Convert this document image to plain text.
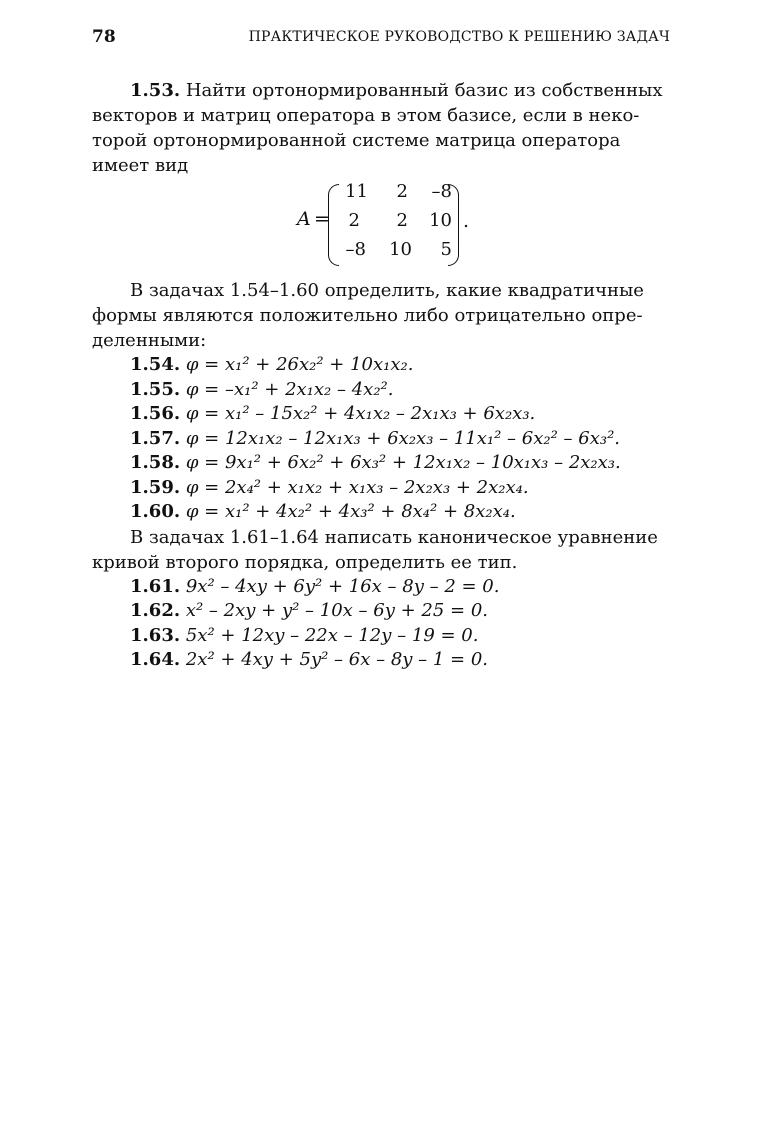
78	ПРАКТИЧЕСКОЕ РУКОВОДСТВО К РЕШЕНИЮ ЗАДАЧ

1.53. Найти ортонормированный базис из собственных
векторов и матриц оператора в этом базисе, если в неко-
торой ортонормированной системе матрица оператора
имеет вид

A =
11	2	–8
2	2	10
–8	10	5
.

В задачах 1.54–1.60 определить, какие квадратичные
формы являются положительно либо отрицательно опре-
деленными:

1.54. φ = x₁² + 26x₂² + 10x₁x₂.

1.55. φ = –x₁² + 2x₁x₂ – 4x₂².

1.56. φ = x₁² – 15x₂² + 4x₁x₂ – 2x₁x₃ + 6x₂x₃.

1.57. φ = 12x₁x₂ – 12x₁x₃ + 6x₂x₃ – 11x₁² – 6x₂² – 6x₃².

1.58. φ = 9x₁² + 6x₂² + 6x₃² + 12x₁x₂ – 10x₁x₃ – 2x₂x₃.

1.59. φ = 2x₄² + x₁x₂ + x₁x₃ – 2x₂x₃ + 2x₂x₄.

1.60. φ = x₁² + 4x₂² + 4x₃² + 8x₄² + 8x₂x₄.

В задачах 1.61–1.64 написать каноническое уравнение
кривой второго порядка, определить ее тип.

1.61. 9x² – 4xy + 6y² + 16x – 8y – 2 = 0.

1.62. x² – 2xy + y² – 10x – 6y + 25 = 0.

1.63. 5x² + 12xy – 22x – 12y – 19 = 0.

1.64. 2x² + 4xy + 5y² – 6x – 8y – 1 = 0.
